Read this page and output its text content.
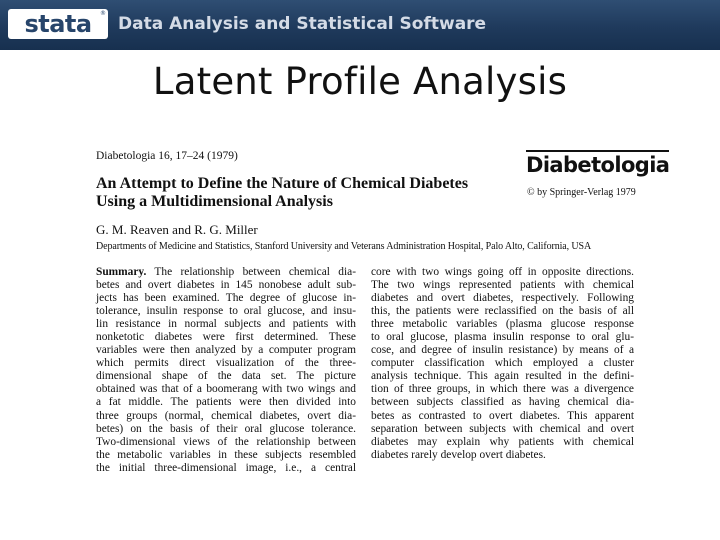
stata ®
Data Analysis and Statistical Software
Latent Profile Analysis
Diabetologia 16, 17–24 (1979)	Diabetologia
© by Springer-Verlag 1979
An Attempt to Define the Nature of Chemical Diabetes
Using a Multidimensional Analysis
G. M. Reaven and R. G. Miller
Departments of Medicine and Statistics, Stanford University and Veterans Administration Hospital, Palo Alto, California, USA
Summary. The relationship between chemical dia-
betes and overt diabetes in 145 nonobese adult sub-
jects has been examined. The degree of glucose in-
tolerance, insulin response to oral glucose, and insu-
lin resistance in normal subjects and patients with
nonketotic diabetes were first determined. These
variables were then analyzed by a computer program
which permits direct visualization of the three-
dimensional shape of the data set. The picture
obtained was that of a boomerang with two wings and
a fat middle. The patients were then divided into
three groups (normal, chemical diabetes, overt dia-
betes) on the basis of their oral glucose tolerance.
Two-dimensional views of the relationship between
the metabolic variables in these subjects resembled
the initial three-dimensional image, i.e., a central
core with two wings going off in opposite directions.
The two wings represented patients with chemical
diabetes and overt diabetes, respectively. Following
this, the patients were reclassified on the basis of all
three metabolic variables (plasma glucose response
to oral glucose, plasma insulin response to oral glu-
cose, and degree of insulin resistance) by means of a
computer classification which employed a cluster
analysis technique. This again resulted in the defini-
tion of three groups, in which there was a divergence
between subjects classified as having chemical dia-
betes as contrasted to overt diabetes. This apparent
separation between subjects with chemical and overt
diabetes may explain why patients with chemical
diabetes rarely develop overt diabetes.
